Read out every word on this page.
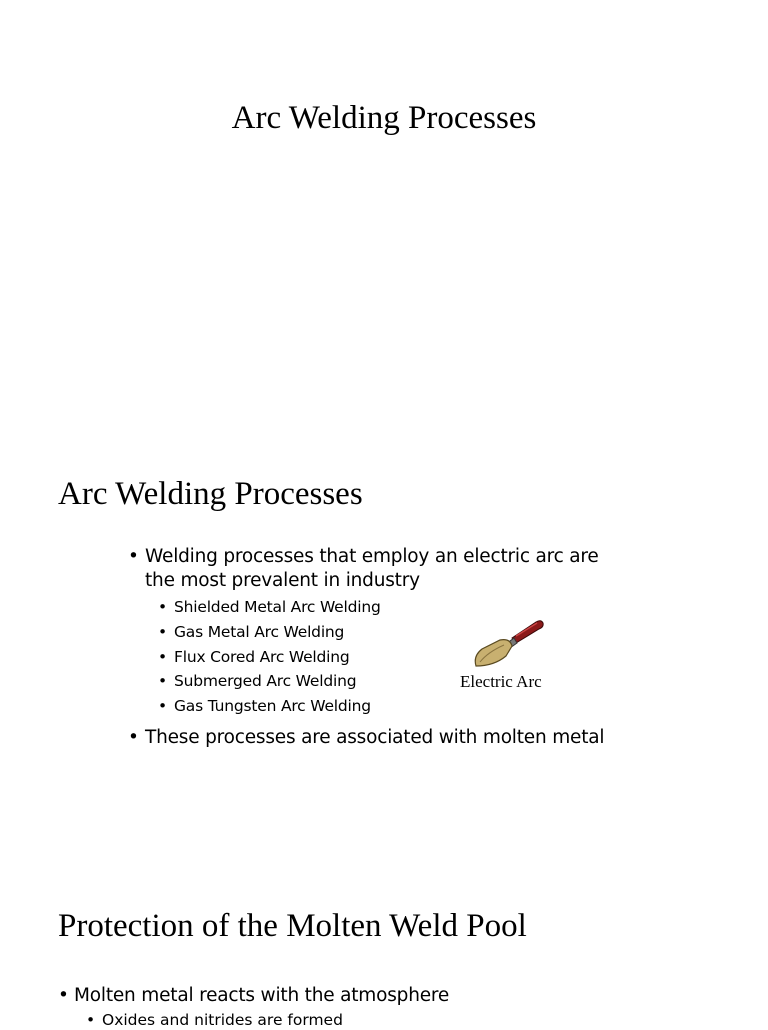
Arc Welding Processes
Arc Welding Processes
• Welding processes that employ an electric arc are the most prevalent in industry
• Shielded Metal Arc Welding
• Gas Metal Arc Welding
• Flux Cored Arc Welding
• Submerged Arc Welding
• Gas Tungsten Arc Welding
• These processes are associated with molten metal
Electric Arc
Protection of the Molten Weld Pool
• Molten metal reacts with the atmosphere
• Oxides and nitrides are formed
